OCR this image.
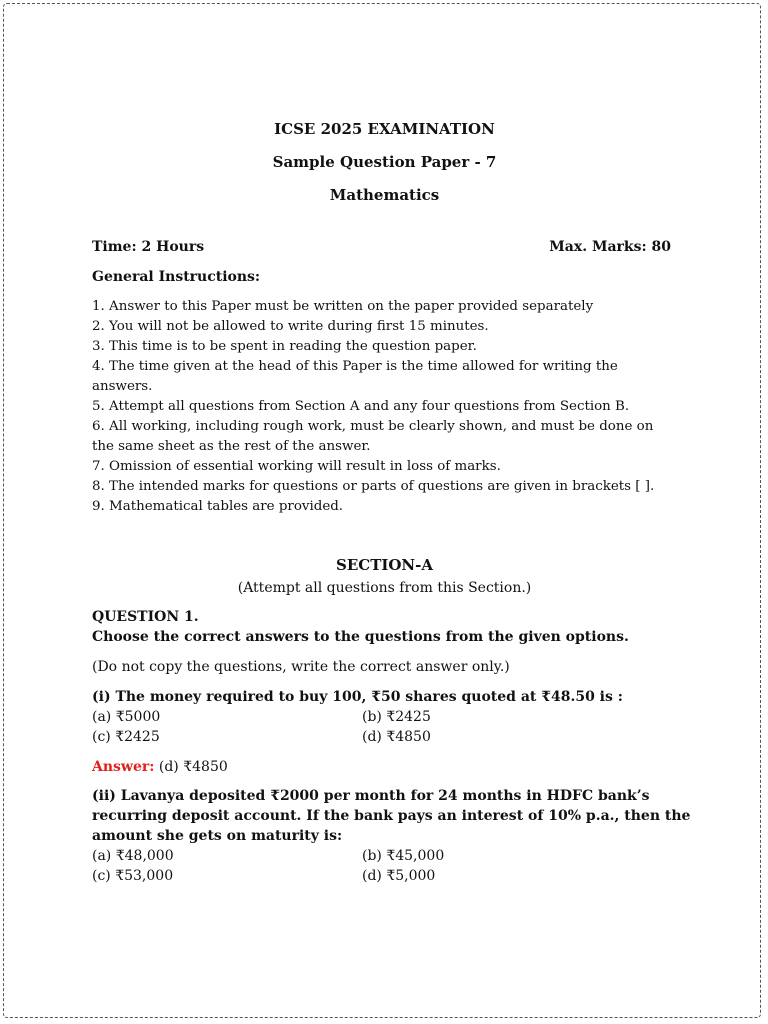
ICSE 2025 EXAMINATION
Sample Question Paper - 7
Mathematics
Time: 2 Hours	Max. Marks: 80
General Instructions:
1. Answer to this Paper must be written on the paper provided separately
2. You will not be allowed to write during first 15 minutes.
3. This time is to be spent in reading the question paper.
4. The time given at the head of this Paper is the time allowed for writing the
answers.
5. Attempt all questions from Section A and any four questions from Section B.
6. All working, including rough work, must be clearly shown, and must be done on
the same sheet as the rest of the answer.
7. Omission of essential working will result in loss of marks.
8. The intended marks for questions or parts of questions are given in brackets [ ].
9. Mathematical tables are provided.
SECTION-A
(Attempt all questions from this Section.)
QUESTION 1.
Choose the correct answers to the questions from the given options.
(Do not copy the questions, write the correct answer only.)
(i) The money required to buy 100, ₹50 shares quoted at ₹48.50 is :
(a) ₹5000	(b) ₹2425
(c) ₹2425	(d) ₹4850
Answer: (d) ₹4850
(ii) Lavanya deposited ₹2000 per month for 24 months in HDFC bank’s
recurring deposit account. If the bank pays an interest of 10% p.a., then the
amount she gets on maturity is:
(a) ₹48,000	(b) ₹45,000
(c) ₹53,000	(d) ₹5,000
